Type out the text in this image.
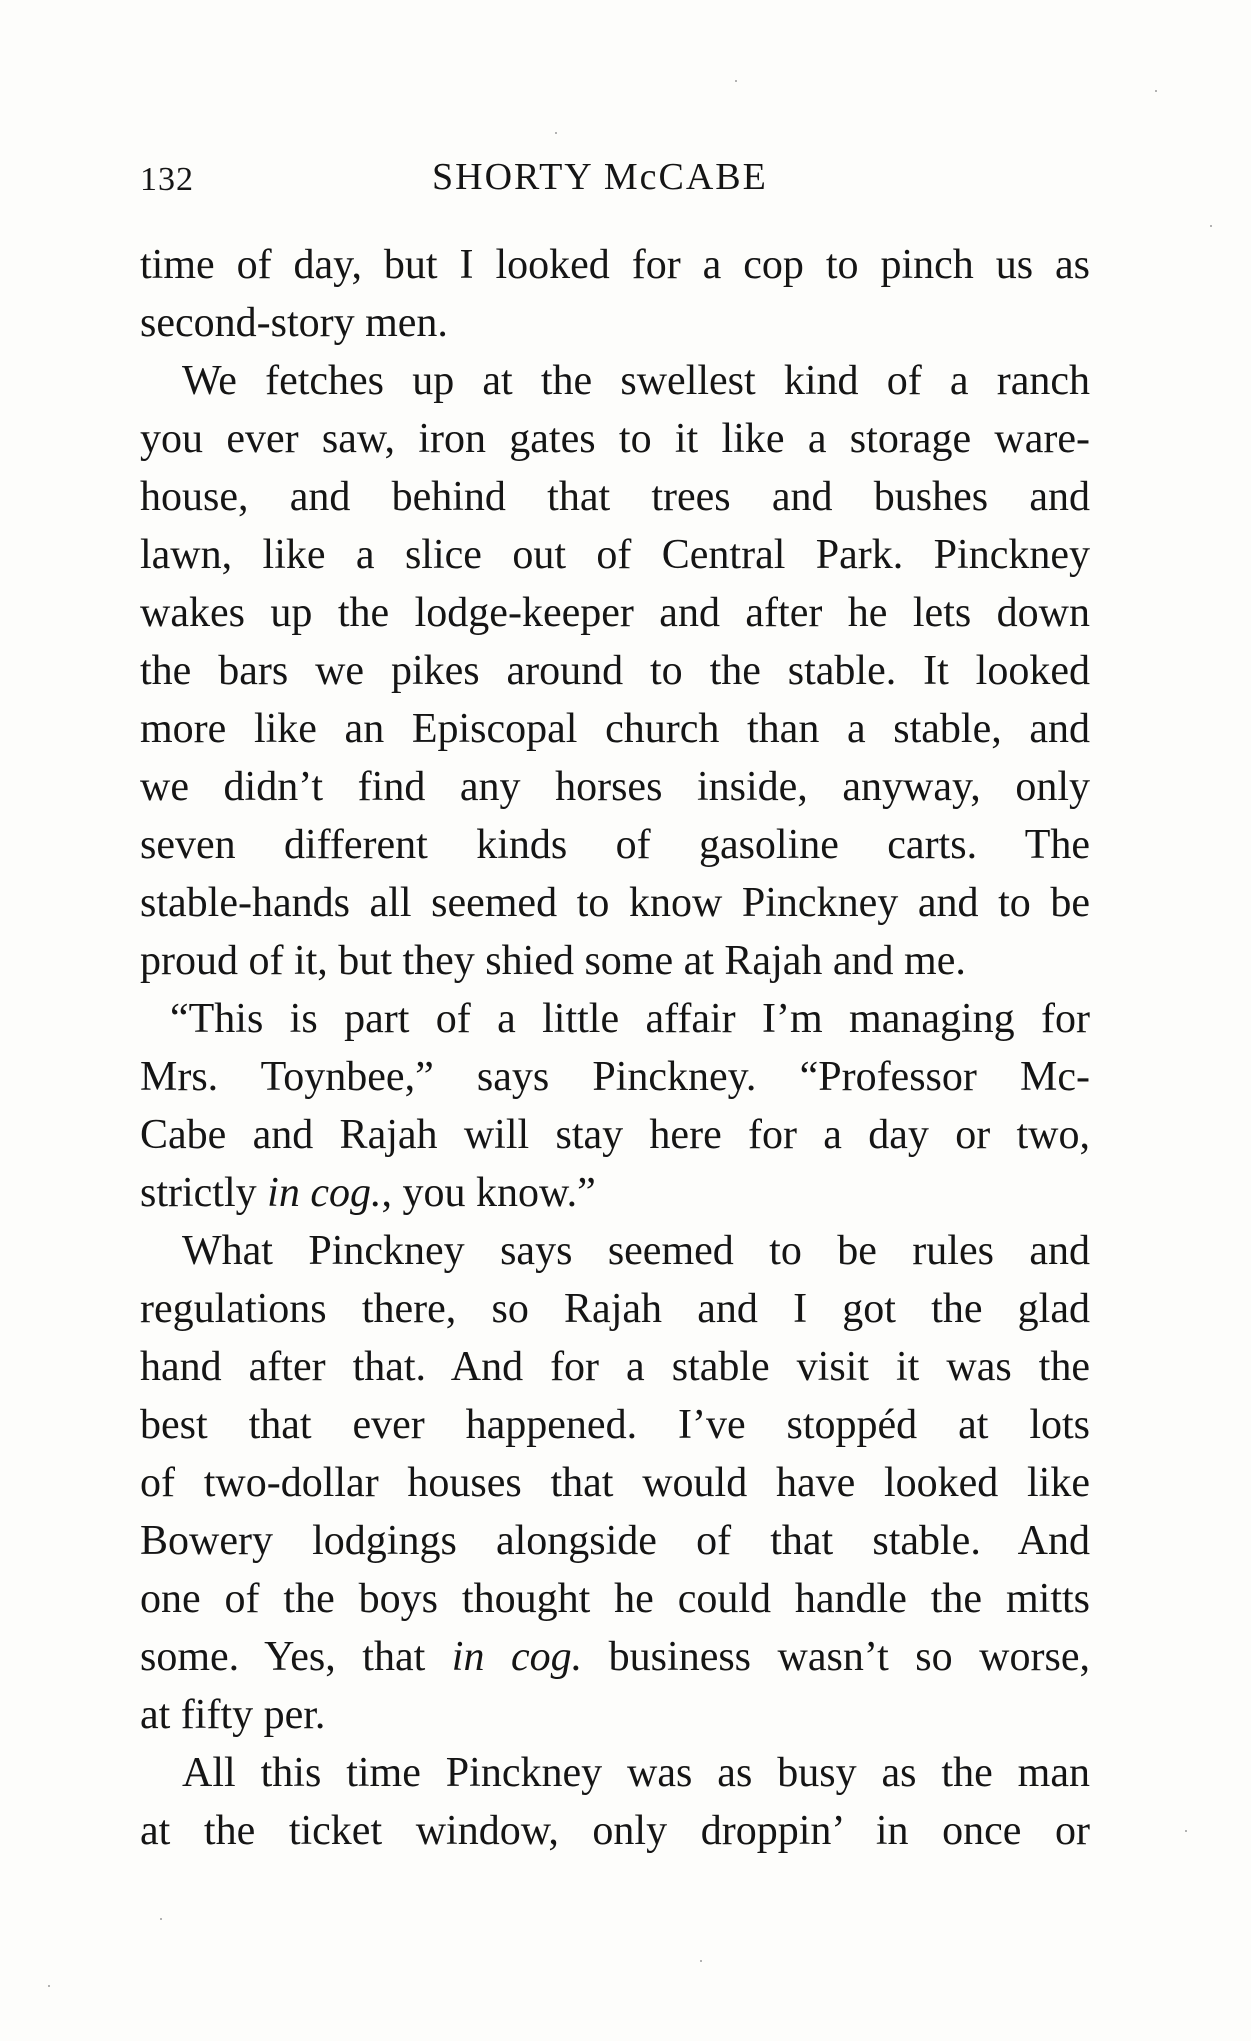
132	SHORTY McCABE
time of day, but I looked for a cop to pinch us as
second-story men.
We fetches up at the swellest kind of a ranch
you ever saw, iron gates to it like a storage ware-
house, and behind that trees and bushes and
lawn, like a slice out of Central Park. Pinckney
wakes up the lodge-keeper and after he lets down
the bars we pikes around to the stable. It looked
more like an Episcopal church than a stable, and
we didn’t find any horses inside, anyway, only
seven different kinds of gasoline carts. The
stable-hands all seemed to know Pinckney and to be
proud of it, but they shied some at Rajah and me.
“This is part of a little affair I’m managing for
Mrs. Toynbee,” says Pinckney. “Professor Mc-
Cabe and Rajah will stay here for a day or two,
strictly in cog., you know.”
What Pinckney says seemed to be rules and
regulations there, so Rajah and I got the glad
hand after that. And for a stable visit it was the
best that ever happened. I’ve stoppéd at lots
of two-dollar houses that would have looked like
Bowery lodgings alongside of that stable. And
one of the boys thought he could handle the mitts
some. Yes, that in cog. business wasn’t so worse,
at fifty per.
All this time Pinckney was as busy as the man
at the ticket window, only droppin’ in once or
